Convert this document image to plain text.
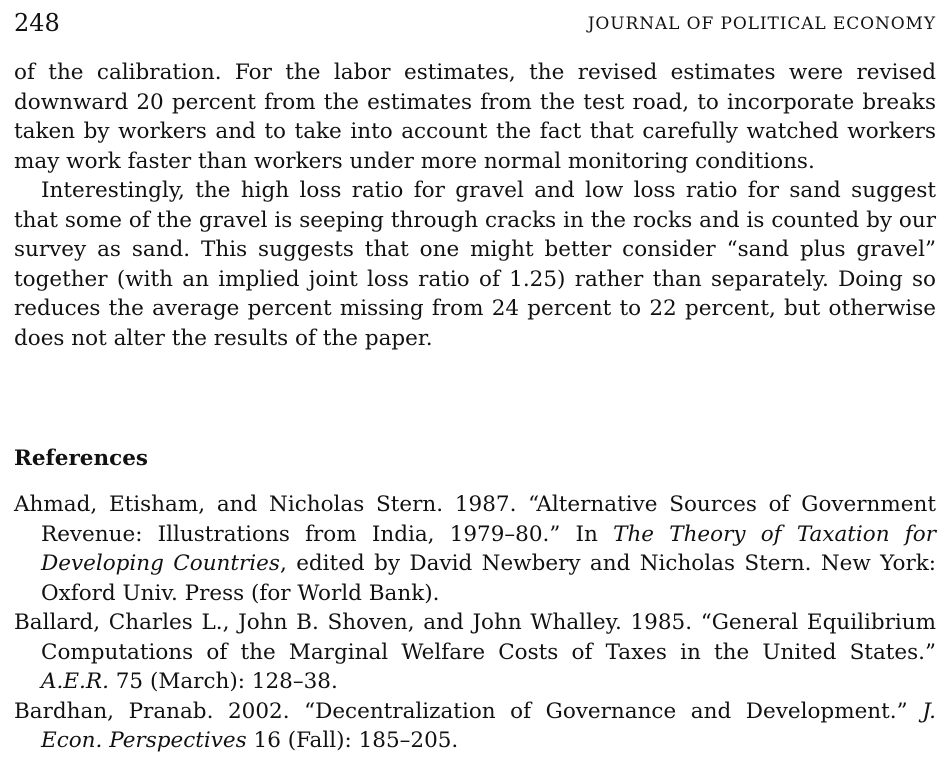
248	JOURNAL OF POLITICAL ECONOMY

of the calibration. For the labor estimates, the revised estimates were revised downward 20 percent from the estimates from the test road, to incorporate breaks taken by workers and to take into account the fact that carefully watched workers may work faster than workers under more normal monitoring conditions.

Interestingly, the high loss ratio for gravel and low loss ratio for sand suggest that some of the gravel is seeping through cracks in the rocks and is counted by our survey as sand. This suggests that one might better consider “sand plus gravel” together (with an implied joint loss ratio of 1.25) rather than separately. Doing so reduces the average percent missing from 24 percent to 22 percent, but otherwise does not alter the results of the paper.

References

Ahmad, Etisham, and Nicholas Stern. 1987. “Alternative Sources of Government Revenue: Illustrations from India, 1979–80.” In The Theory of Taxation for Developing Countries, edited by David Newbery and Nicholas Stern. New York: Oxford Univ. Press (for World Bank).

Ballard, Charles L., John B. Shoven, and John Whalley. 1985. “General Equilibrium Computations of the Marginal Welfare Costs of Taxes in the United States.” A.E.R. 75 (March): 128–38.

Bardhan, Pranab. 2002. “Decentralization of Governance and Development.” J. Econ. Perspectives 16 (Fall): 185–205.
